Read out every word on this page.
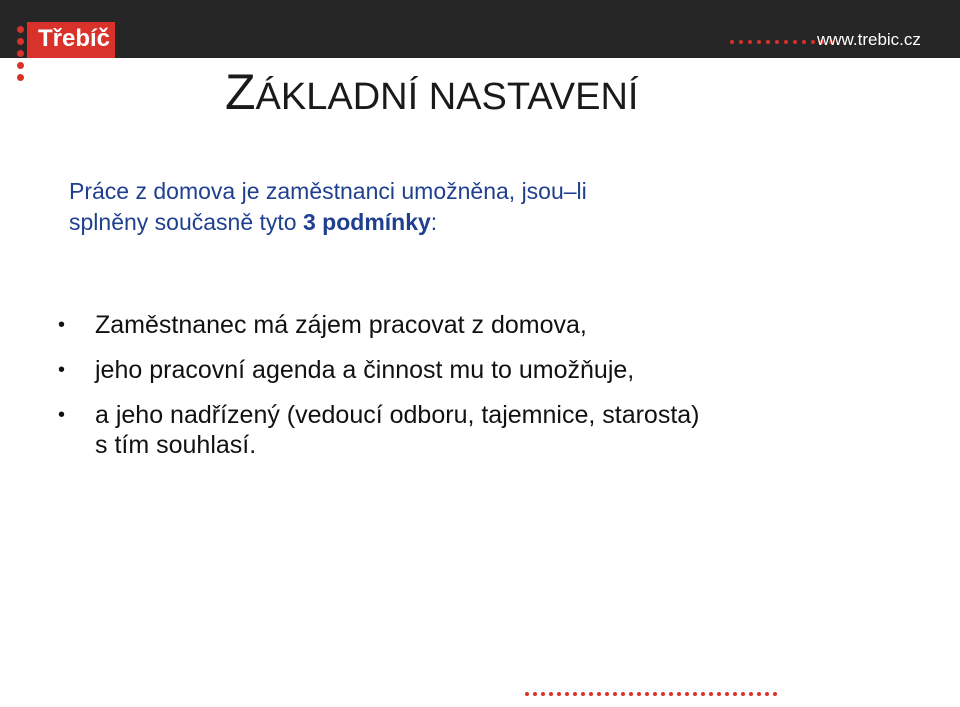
Třebíč	www.trebic.cz
ZÁKLADNÍ NASTAVENÍ
Práce z domova je zaměstnanci umožněna, jsou–li
splněny současně tyto 3 podmínky:
• Zaměstnanec má zájem pracovat z domova,
• jeho pracovní agenda a činnost mu to umožňuje,
• a jeho nadřízený (vedoucí odboru, tajemnice, starosta)
s tím souhlasí.
